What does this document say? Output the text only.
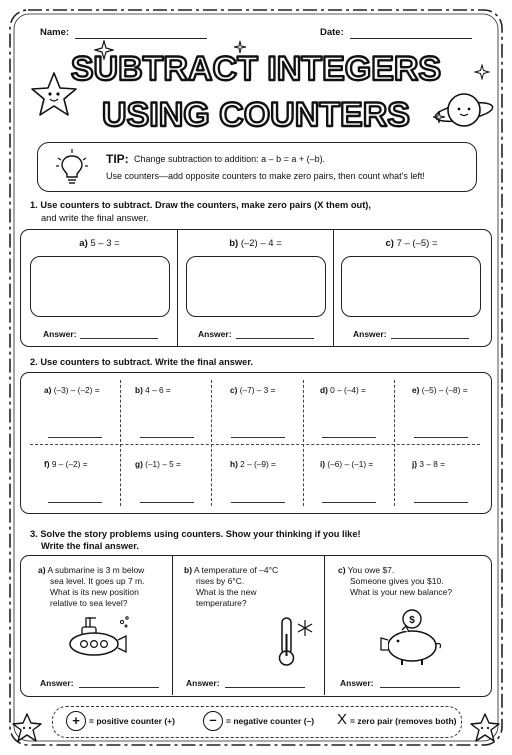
Name:	Date:
SUBTRACT INTEGERS
USING COUNTERS
TIP: Change subtraction to addition: a – b = a + (–b).
Use counters—add opposite counters to make zero pairs, then count what's left!
1. Use counters to subtract. Draw the counters, make zero pairs (X them out),
and write the final answer.
a) 5 – 3 =	b) (–2) – 4 =	c) 7 – (–5) =
Answer:	Answer:	Answer:
2. Use counters to subtract. Write the final answer.
a) (–3) – (–2) =	b) 4 – 6 =	c) (–7) – 3 =	d) 0 – (–4) =	e) (–5) – (–8) =
f) 9 – (–2) =	g) (–1) – 5 =	h) 2 – (–9) =	i) (–6) – (–1) =	j) 3 – 8 =
3. Solve the story problems using counters. Show your thinking if you like!
Write the final answer.
a) A submarine is 3 m below
sea level. It goes up 7 m.
What is its new position
relative to sea level?
Answer:
b) A temperature of –4°C
rises by 6°C.
What is the new
temperature?
Answer:
c) You owe $7.
Someone gives you $10.
What is your new balance?
$
Answer:
+	= positive counter (+)	–	= negative counter (–) X = zero pair (removes both)
